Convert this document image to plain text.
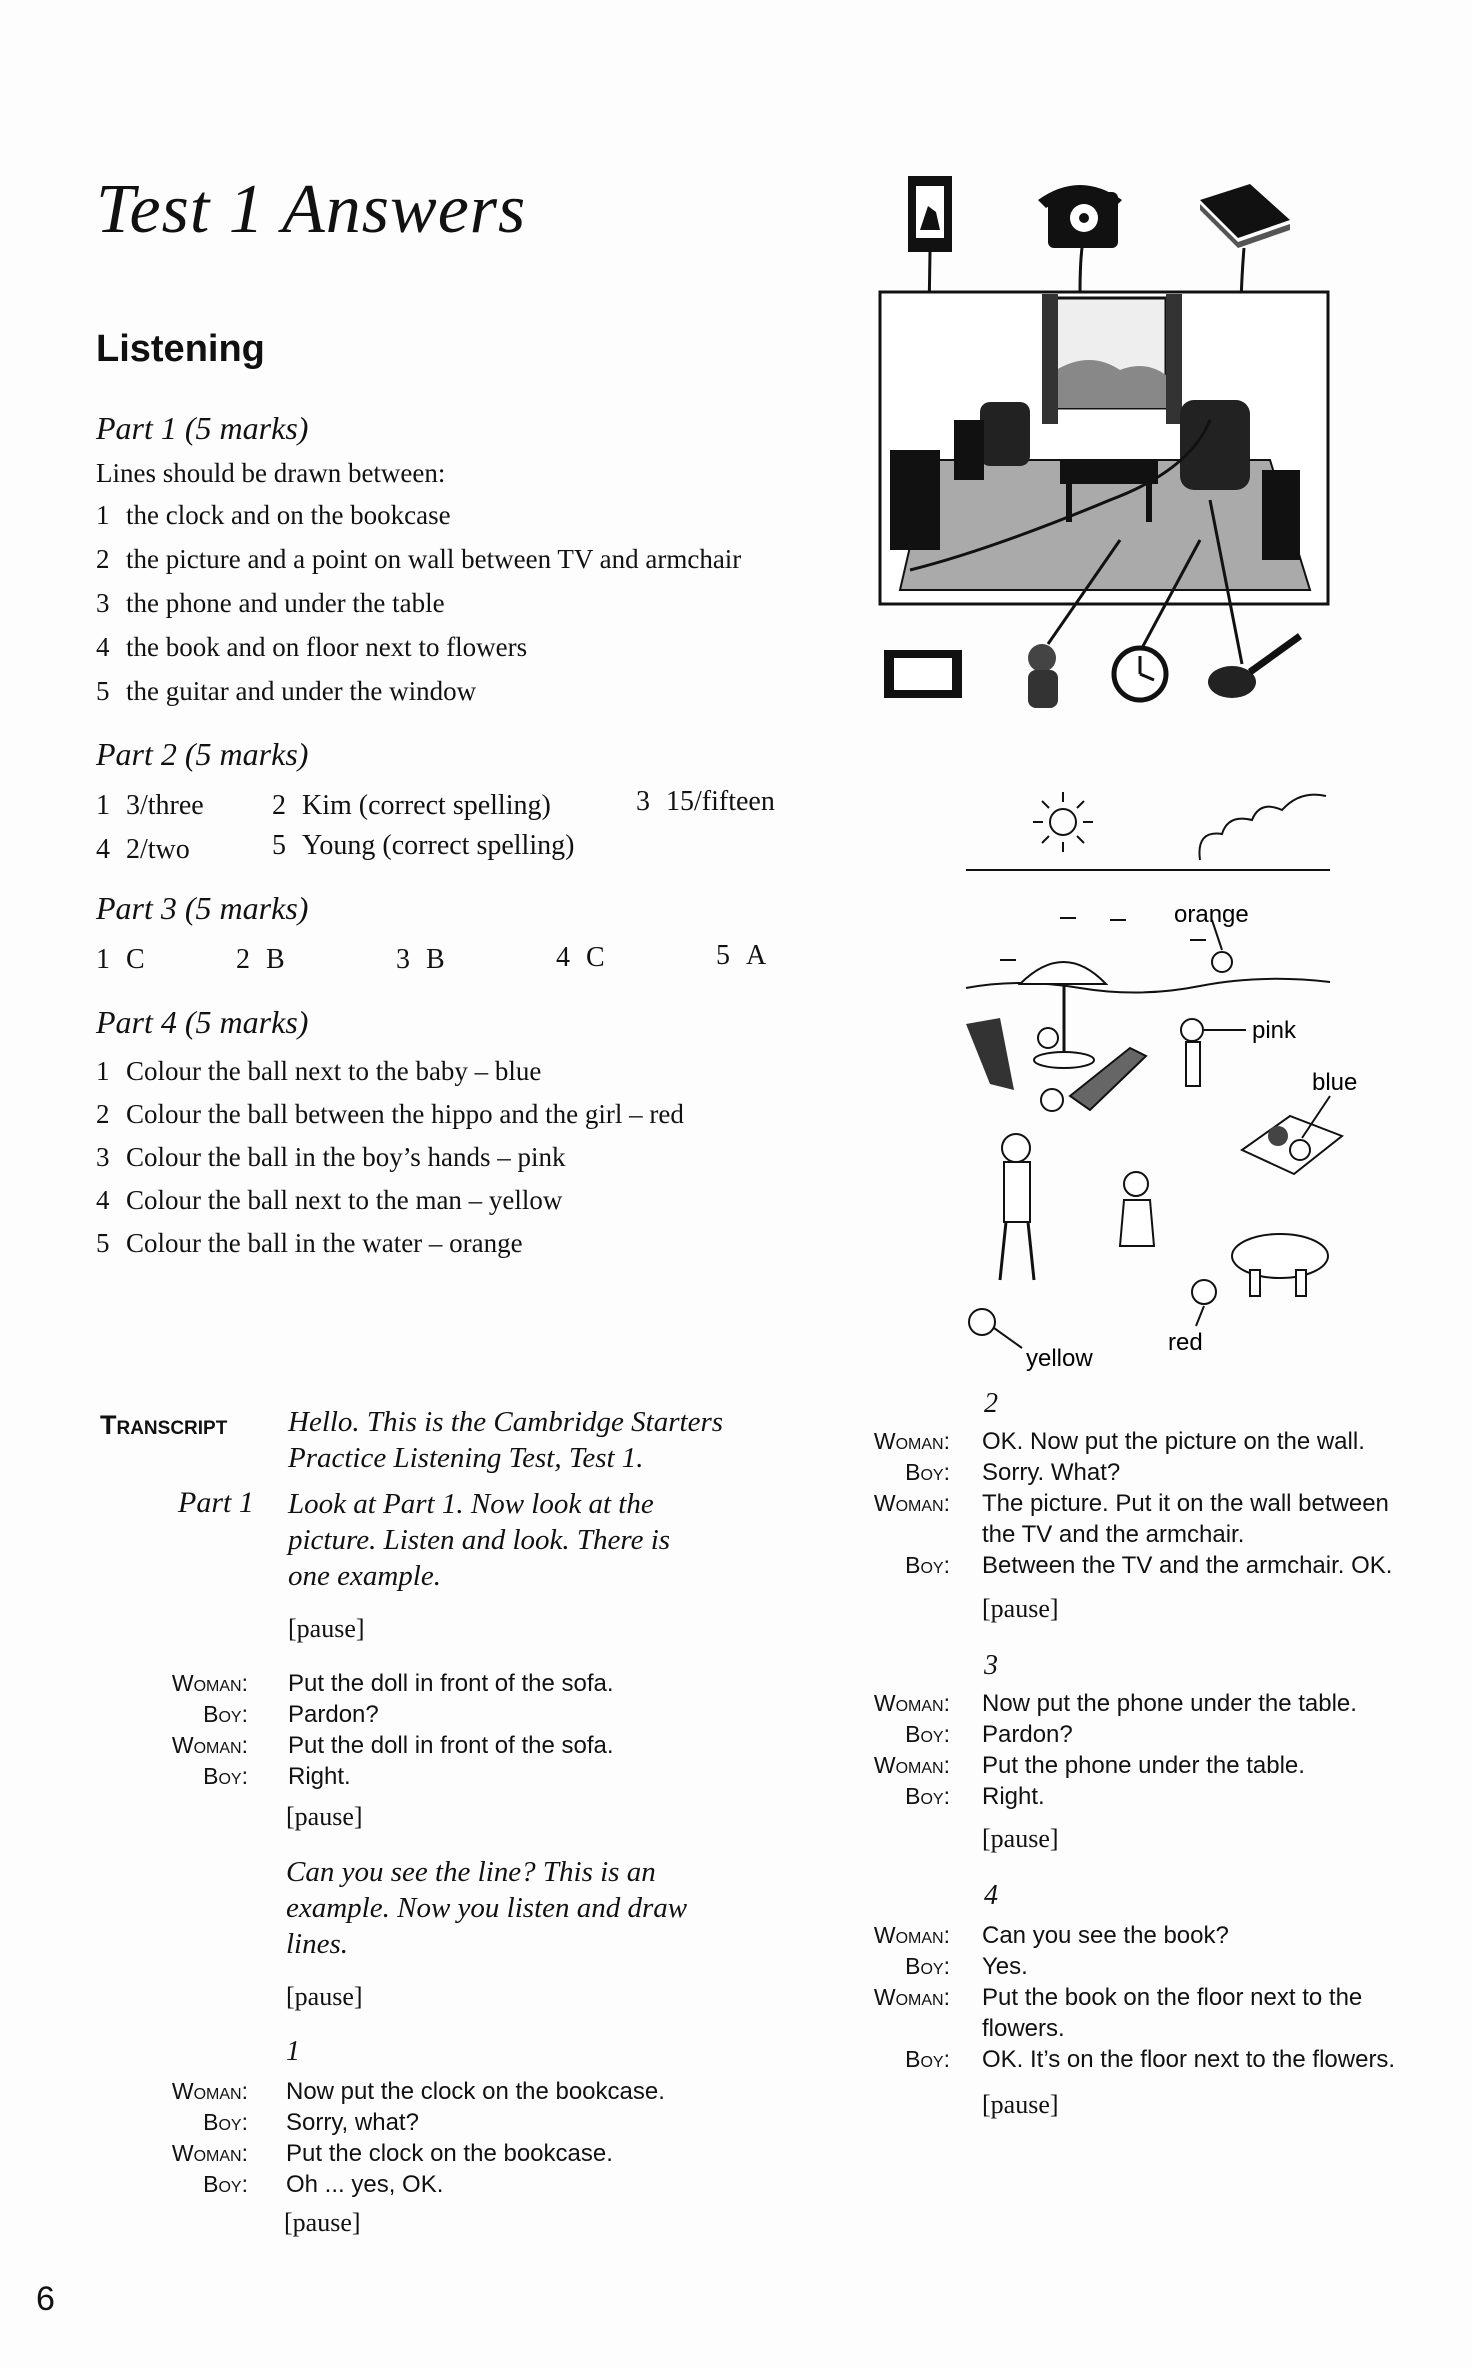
Test 1 Answers
Listening
Part 1 (5 marks)
Lines should be drawn between:
1 the clock and on the bookcase
2 the picture and a point on wall between TV and armchair
3 the phone and under the table
4 the book and on floor next to flowers
5 the guitar and under the window
Part 2 (5 marks)
1 3/three 2 Kim (correct spelling)	3 15/fifteen
4 2/two	5 Young (correct spelling)
Part 3 (5 marks)
1 C	2 B	3 B	4 C	5 A
Part 4 (5 marks)
1 Colour the ball next to the baby – blue
2 Colour the ball between the hippo and the girl – red
3 Colour the ball in the boy’s hands – pink
4 Colour the ball next to the man – yellow
5 Colour the ball in the water – orange
orange
pink
blue
red
yellow
Transcript Hello. This is the Cambridge Starters
Practice Listening Test, Test 1.
Part 1 Look at Part 1. Now look at the
picture. Listen and look. There is
one example.
[pause]
Woman: Put the doll in front of the sofa.
Boy: Pardon?
Woman: Put the doll in front of the sofa.
Boy: Right.
[pause]
Can you see the line? This is an
example. Now you listen and draw
lines.
[pause]
1
Woman: Now put the clock on the bookcase.
Boy: Sorry, what?
Woman: Put the clock on the bookcase.
Boy: Oh ... yes, OK.
[pause]
2
Woman: OK. Now put the picture on the wall.
Boy: Sorry. What?
Woman: The picture. Put it on the wall between
the TV and the armchair.
Boy: Between the TV and the armchair. OK.
[pause]
3
Woman: Now put the phone under the table.
Boy: Pardon?
Woman: Put the phone under the table.
Boy: Right.
[pause]
4
Woman: Can you see the book?
Boy: Yes.
Woman: Put the book on the floor next to the
flowers.
Boy: OK. It’s on the floor next to the flowers.
[pause]
6
